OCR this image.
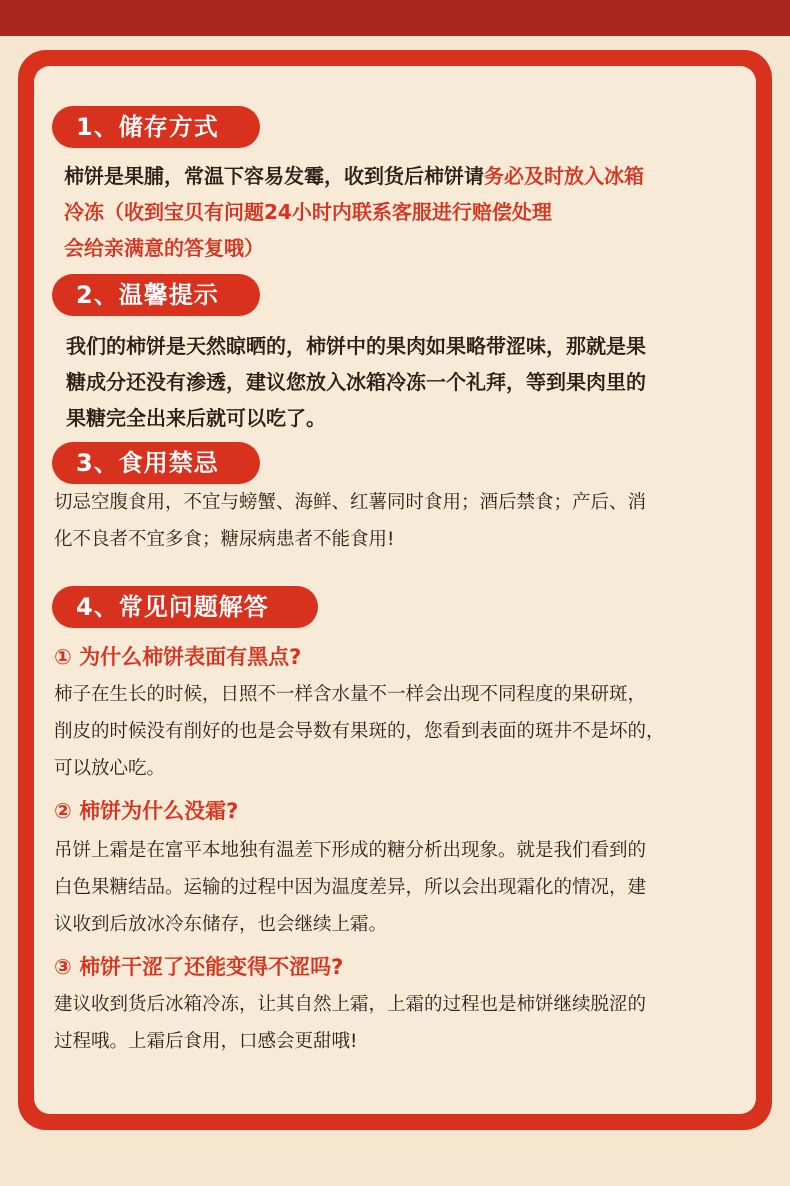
1、储存方式
柿饼是果脯，常温下容易发霉，收到货后柿饼请务必及时放入冰箱
冷冻（收到宝贝有问题24小时内联系客服进行赔偿处理
会给亲满意的答复哦）
2、温馨提示
我们的柿饼是天然晾晒的，柿饼中的果肉如果略带涩味，那就是果
糖成分还没有渗透，建议您放入冰箱冷冻一个礼拜，等到果肉里的
果糖完全出来后就可以吃了。
3、食用禁忌
切忌空腹食用，不宜与螃蟹、海鲜、红薯同时食用；酒后禁食；产后、消
化不良者不宜多食；糖尿病患者不能食用!
4、常见问题解答
① 为什么柿饼表面有黑点?
柿子在生长的时候，日照不一样含水量不一样会出现不同程度的果研斑，
削皮的时候没有削好的也是会导数有果斑的，您看到表面的斑井不是坏的，
可以放心吃。
② 柿饼为什么没霜?
吊饼上霜是在富平本地独有温差下形成的糖分析出现象。就是我们看到的
白色果糖结品。运输的过程中因为温度差异，所以会出现霜化的情况，建
议收到后放冰冷东储存，也会继续上霜。
③ 柿饼干涩了还能变得不涩吗?
建议收到货后冰箱冷冻，让其自然上霜，上霜的过程也是柿饼继续脱涩的
过程哦。上霜后食用，口感会更甜哦!
